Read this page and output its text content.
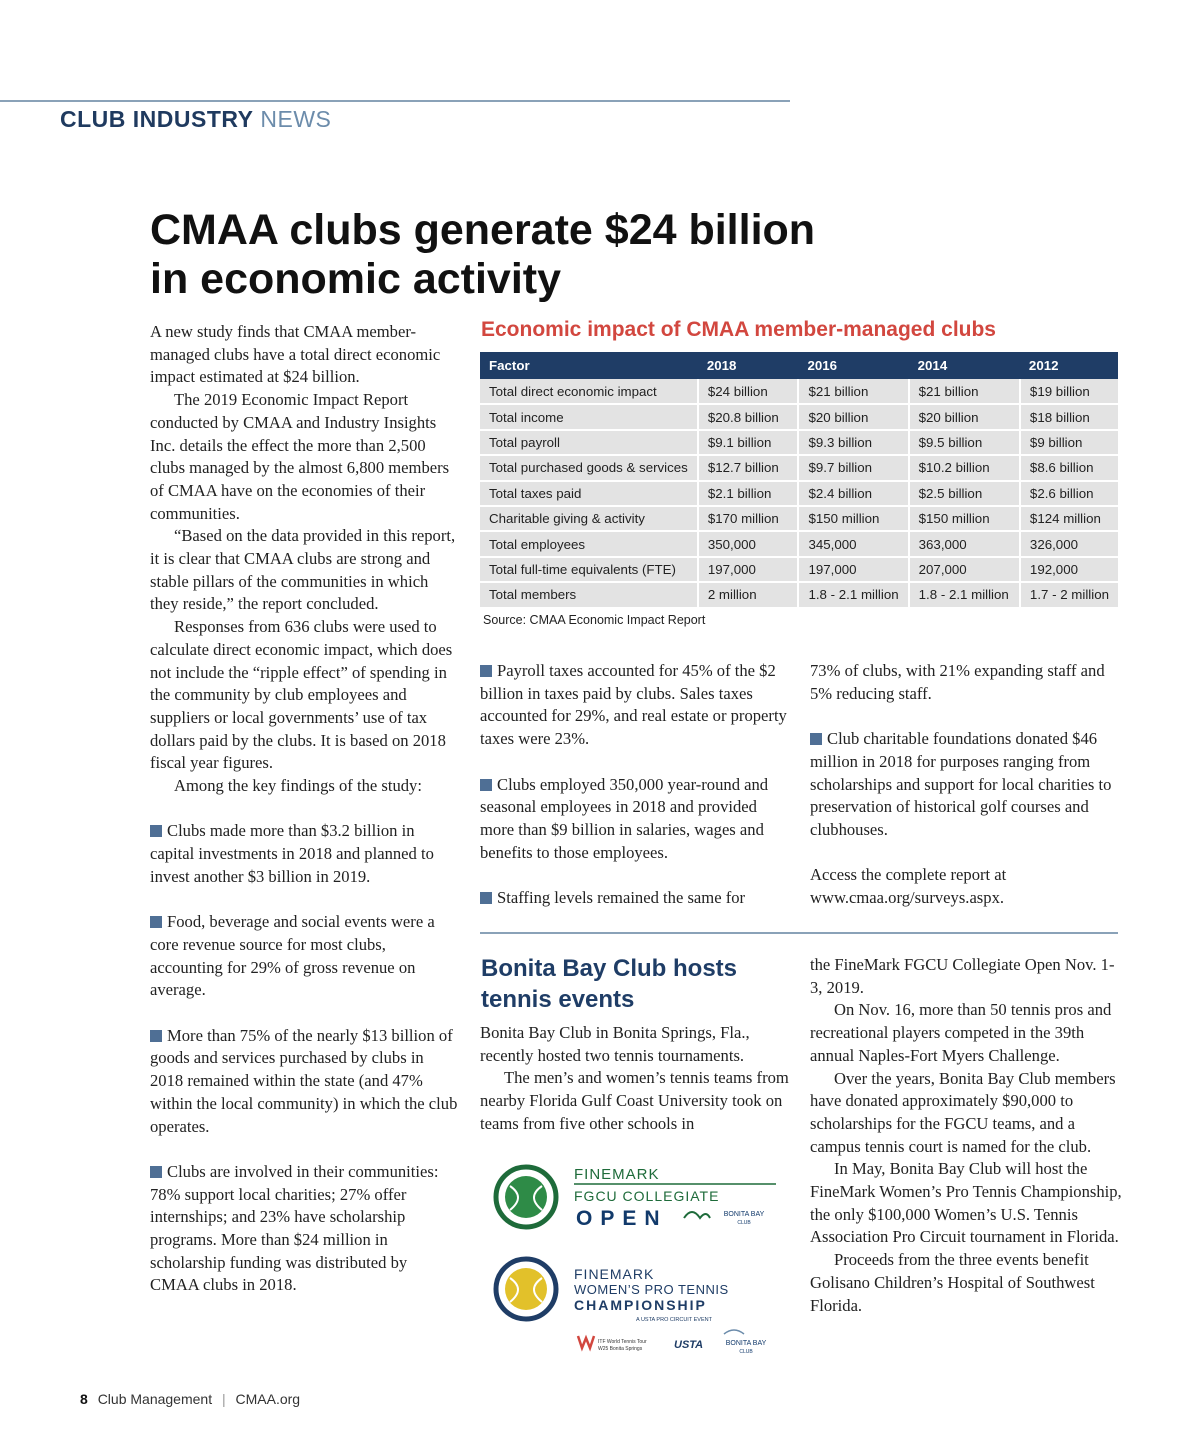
CLUB INDUSTRY NEWS
CMAA clubs generate $24 billion
in economic activity

A new study finds that CMAA member-managed clubs have a total direct economic impact estimated at $24 billion.

The 2019 Economic Impact Report conducted by CMAA and Industry Insights Inc. details the effect the more than 2,500 clubs managed by the almost 6,800 members of CMAA have on the economies of their communities.

“Based on the data provided in this report, it is clear that CMAA clubs are strong and stable pillars of the communities in which they reside,” the report concluded.

Responses from 636 clubs were used to calculate direct economic impact, which does not include the “ripple effect” of spending in the community by club employees and suppliers or local governments’ use of tax dollars paid by the clubs. It is based on 2018 fiscal year figures.

Among the key findings of the study:

Clubs made more than $3.2 billion in capital investments in 2018 and planned to invest another $3 billion in 2019.

Food, beverage and social events were a core revenue source for most clubs, accounting for 29% of gross revenue on average.

More than 75% of the nearly $13 billion of goods and services purchased by clubs in 2018 remained within the state (and 47% within the local community) in which the club operates.

Clubs are involved in their communities: 78% support local charities; 27% offer internships; and 23% have scholarship programs. More than $24 million in scholarship funding was distributed by CMAA clubs in 2018.

Economic impact of CMAA member-managed clubs
Factor	2018	2016	2014	2012
Total direct economic impact	$24 billion	$21 billion	$21 billion	$19 billion
Total income	$20.8 billion	$20 billion	$20 billion	$18 billion
Total payroll	$9.1 billion	$9.3 billion	$9.5 billion	$9 billion
Total purchased goods & services	$12.7 billion	$9.7 billion	$10.2 billion	$8.6 billion
Total taxes paid	$2.1 billion	$2.4 billion	$2.5 billion	$2.6 billion
Charitable giving & activity	$170 million	$150 million	$150 million	$124 million
Total employees	350,000	345,000	363,000	326,000
Total full-time equivalents (FTE)	197,000	197,000	207,000	192,000
Total members	2 million	1.8 - 2.1 million	1.8 - 2.1 million	1.7 - 2 million
Source: CMAA Economic Impact Report

Payroll taxes accounted for 45% of the $2 billion in taxes paid by clubs. Sales taxes accounted for 29%, and real estate or property taxes were 23%.

Clubs employed 350,000 year-round and seasonal employees in 2018 and provided more than $9 billion in salaries, wages and benefits to those employees.

Staffing levels remained the same for

73% of clubs, with 21% expanding staff and 5% reducing staff.

Club charitable foundations donated $46 million in 2018 for purposes ranging from scholarships and support for local charities to preservation of historical golf courses and clubhouses.

Access the complete report at www.cmaa.org/surveys.aspx.

Bonita Bay Club hosts tennis events

Bonita Bay Club in Bonita Springs, Fla., recently hosted two tennis tournaments.

The men’s and women’s tennis teams from nearby Florida Gulf Coast University took on teams from five other schools in

the FineMark FGCU Collegiate Open Nov. 1-3, 2019.

On Nov. 16, more than 50 tennis pros and recreational players competed in the 39th annual Naples-Fort Myers Challenge.

Over the years, Bonita Bay Club members have donated approximately $90,000 to scholarships for the FGCU teams, and a campus tennis court is named for the club.

In May, Bonita Bay Club will host the FineMark Women’s Pro Tennis Championship, the only $100,000 Women’s U.S. Tennis Association Pro Circuit tournament in Florida.

Proceeds from the three events benefit Golisano Children’s Hospital of Southwest Florida.

FINEMARK
FGCU COLLEGIATE
OPEN	BONITA BAY
CLUB
FINEMARK
WOMEN’S PRO TENNIS
CHAMPIONSHIP
A USTA PRO CIRCUIT EVENT
ITF World Tennis Tour
W25 Bonita Springs	USTA	BONITA BAY
CLUB
8 Club Management | CMAA.org
